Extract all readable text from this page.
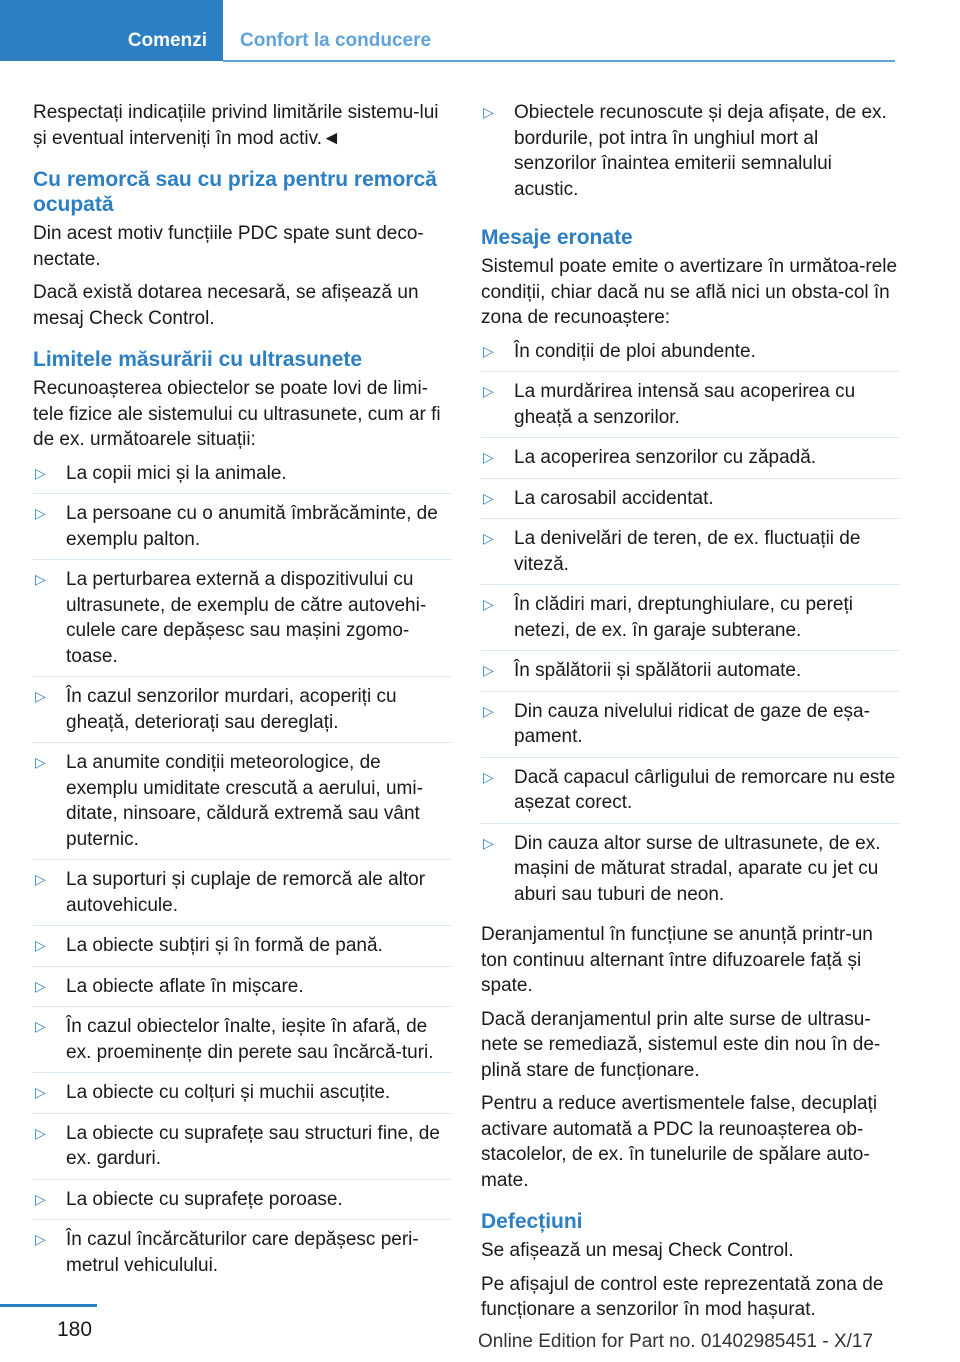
Comenzi	Confort la conducere

Respectați indicațiile privind limitările sistemu-lui și eventual interveniți în mod activ.◄

Cu remorcă sau cu priza pentru remorcă ocupată

Din acest motiv funcțiile PDC spate sunt deco-nectate.

Dacă există dotarea necesară, se afișează un mesaj Check Control.

Limitele măsurării cu ultrasunete

Recunoașterea obiectelor se poate lovi de limi-tele fizice ale sistemului cu ultrasunete, cum ar fi de ex. următoarele situații:

▷ La copii mici și la animale.
▷ La persoane cu o anumită îmbrăcăminte, de exemplu palton.
▷ La perturbarea externă a dispozitivului cu ultrasunete, de exemplu de către autovehi-culele care depășesc sau mașini zgomo-toase.
▷ În cazul senzorilor murdari, acoperiți cu gheață, deteriorați sau dereglați.
▷ La anumite condiții meteorologice, de exemplu umiditate crescută a aerului, umi-ditate, ninsoare, căldură extremă sau vânt puternic.
▷ La suporturi și cuplaje de remorcă ale altor autovehicule.
▷ La obiecte subțiri și în formă de pană.
▷ La obiecte aflate în mișcare.
▷ În cazul obiectelor înalte, ieșite în afară, de ex. proeminențe din perete sau încărcă-turi.
▷ La obiecte cu colțuri și muchii ascuțite.
▷ La obiecte cu suprafețe sau structuri fine, de ex. garduri.
▷ La obiecte cu suprafețe poroase.
▷ În cazul încărcăturilor care depășesc peri-metrul vehiculului.
▷ Obiectele recunoscute și deja afișate, de ex. bordurile, pot intra în unghiul mort al senzorilor înaintea emiterii semnalului acustic.
Mesaje eronate

Sistemul poate emite o avertizare în următoa-rele condiții, chiar dacă nu se află nici un obsta-col în zona de recunoaștere:

▷ În condiții de ploi abundente.
▷ La murdărirea intensă sau acoperirea cu gheață a senzorilor.
▷ La acoperirea senzorilor cu zăpadă.
▷ La carosabil accidentat.
▷ La denivelări de teren, de ex. fluctuații de viteză.
▷ În clădiri mari, dreptunghiulare, cu pereți netezi, de ex. în garaje subterane.
▷ În spălătorii și spălătorii automate.
▷ Din cauza nivelului ridicat de gaze de eșa-pament.
▷ Dacă capacul cârligului de remorcare nu este așezat corect.
▷ Din cauza altor surse de ultrasunete, de ex. mașini de măturat stradal, aparate cu jet cu aburi sau tuburi de neon.

Deranjamentul în funcțiune se anunță printr-un ton continuu alternant între difuzoarele față și spate.

Dacă deranjamentul prin alte surse de ultrasu-nete se remediază, sistemul este din nou în de-plină stare de funcționare.

Pentru a reduce avertismentele false, decuplați activare automată a PDC la reunoașterea ob-stacolelor, de ex. în tunelurile de spălare auto-mate.

Defecțiuni

Se afișează un mesaj Check Control.

Pe afișajul de control este reprezentată zona de funcționare a senzorilor în mod hașurat.

180
Online Edition for Part no. 01402985451 - X/17
